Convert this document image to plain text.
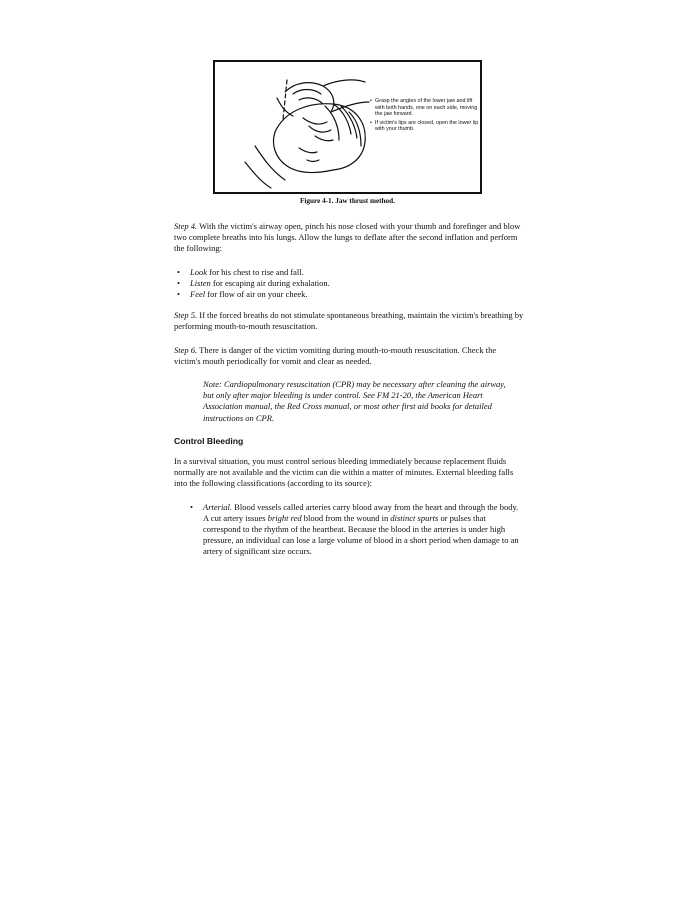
• Grasp the angles of the lower jaw and lift with both hands, one on each side, moving the jaw forward.
• If victim's lips are closed, open the lower lip with your thumb.
Figure 4-1. Jaw thrust method.

Step 4. With the victim's airway open, pinch his nose closed with your thumb and forefinger and blow two complete breaths into his lungs. Allow the lungs to deflate after the second inflation and perform the following:

• Look for his chest to rise and fall.
• Listen for escaping air during exhalation.
• Feel for flow of air on your cheek.

Step 5. If the forced breaths do not stimulate spontaneous breathing, maintain the victim's breathing by performing mouth-to-mouth resuscitation.

Step 6. There is danger of the victim vomiting during mouth-to-mouth resuscitation. Check the victim's mouth periodically for vomit and clear as needed.

Note: Cardiopulmonary resuscitation (CPR) may be necessary after cleaning the airway, but only after major bleeding is under control. See FM 21-20, the American Heart Association manual, the Red Cross manual, or most other first aid books for detailed instructions on CPR.

Control Bleeding

In a survival situation, you must control serious bleeding immediately because replacement fluids normally are not available and the victim can die within a matter of minutes. External bleeding falls into the following classifications (according to its source):

• Arterial. Blood vessels called arteries carry blood away from the heart and through the body. A cut artery issues bright red blood from the wound in distinct spurts or pulses that correspond to the rhythm of the heartbeat. Because the blood in the arteries is under high pressure, an individual can lose a large volume of blood in a short period when damage to an artery of significant size occurs.
